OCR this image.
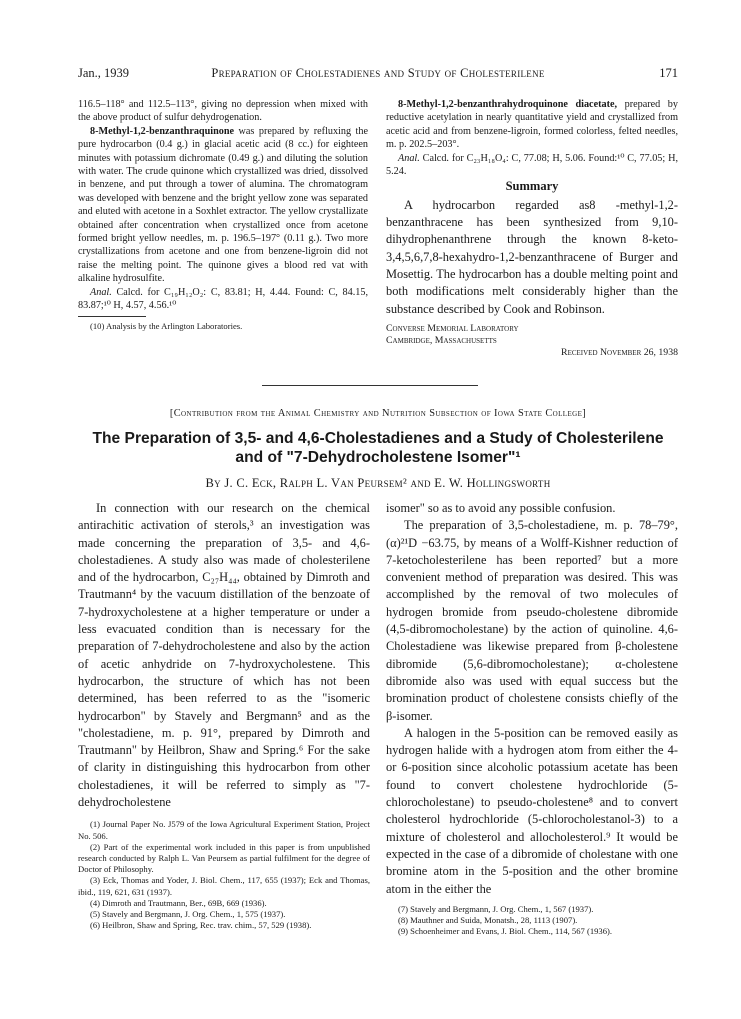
Jan., 1939	Preparation of Cholestadienes and Study of Cholesterilene	171

116.5–118° and 112.5–113°, giving no depression when mixed with the above product of sulfur dehydrogenation.

8-Methyl-1,2-benzanthraquinone was prepared by refluxing the pure hydrocarbon (0.4 g.) in glacial acetic acid (8 cc.) for eighteen minutes with potassium dichromate (0.49 g.) and diluting the solution with water. The crude quinone which crystallized was dried, dissolved in benzene, and put through a tower of alumina. The chromatogram was developed with benzene and the bright yellow zone was separated and eluted with acetone in a Soxhlet extractor. The yellow crystallizate obtained after concentration when crystallized once from acetone formed bright yellow needles, m. p. 196.5–197° (0.11 g.). Two more crystallizations from acetone and one from benzene-ligroin did not raise the melting point. The quinone gives a blood red vat with alkaline hydrosulfite.

Anal. Calcd. for C₁₉H₁₂O₂: C, 83.81; H, 4.44. Found: C, 84.15, 83.87;¹⁰ H, 4.57, 4.56.¹⁰

(10) Analysis by the Arlington Laboratories.

8-Methyl-1,2-benzanthrahydroquinone diacetate, prepared by reductive acetylation in nearly quantitative yield and crystallized from acetic acid and from benzene-ligroin, formed colorless, felted needles, m. p. 202.5–203°.

Anal. Calcd. for C₂₃H₁₈O₄: C, 77.08; H, 5.06. Found:¹⁰ C, 77.05; H, 5.24.

Summary

A hydrocarbon regarded as8 -methyl-1,2-benzanthracene has been synthesized from 9,10-dihydrophenanthrene through the known 8-keto-3,4,5,6,7,8-hexahydro-1,2-benzanthracene of Burger and Mosettig. The hydrocarbon has a double melting point and both modifications melt considerably higher than the substance described by Cook and Robinson.

Converse Memorial Laboratory
Cambridge, Massachusetts
Received November 26, 1938
[Contribution from the Animal Chemistry and Nutrition Subsection of Iowa State College]
The Preparation of 3,5- and 4,6-Cholestadienes and a Study of Cholesterilene and of "7-Dehydrocholestene Isomer"¹
By J. C. Eck, Ralph L. Van Peursem² and E. W. Hollingsworth

In connection with our research on the chemical antirachitic activation of sterols,³ an investigation was made concerning the preparation of 3,5- and 4,6-cholestadienes. A study also was made of cholesterilene and of the hydrocarbon, C₂₇H₄₄, obtained by Dimroth and Trautmann⁴ by the vacuum distillation of the benzoate of 7-hydroxycholestene at a higher temperature or under a less evacuated condition than is necessary for the preparation of 7-dehydrocholestene and also by the action of acetic anhydride on 7-hydroxycholestene. This hydrocarbon, the structure of which has not been determined, has been referred to as the "isomeric hydrocarbon" by Stavely and Bergmann⁵ and as the "cholestadiene, m. p. 91°, prepared by Dimroth and Trautmann" by Heilbron, Shaw and Spring.⁶ For the sake of clarity in distinguishing this hydrocarbon from other cholestadienes, it will be referred to simply as "7-dehydrocholestene

(1) Journal Paper No. J579 of the Iowa Agricultural Experiment Station, Project No. 506.

(2) Part of the experimental work included in this paper is from unpublished research conducted by Ralph L. Van Peursem as partial fulfilment for the degree of Doctor of Philosophy.

(3) Eck, Thomas and Yoder, J. Biol. Chem., 117, 655 (1937); Eck and Thomas, ibid., 119, 621, 631 (1937).

(4) Dimroth and Trautmann, Ber., 69B, 669 (1936).

(5) Stavely and Bergmann, J. Org. Chem., 1, 575 (1937).

(6) Heilbron, Shaw and Spring, Rec. trav. chim., 57, 529 (1938).

isomer" so as to avoid any possible confusion.

The preparation of 3,5-cholestadiene, m. p. 78–79°, (α)²¹D −63.75, by means of a Wolff-Kishner reduction of 7-ketocholesterilene has been reported⁷ but a more convenient method of preparation was desired. This was accomplished by the removal of two molecules of hydrogen bromide from pseudo-cholestene dibromide (4,5-dibromocholestane) by the action of quinoline. 4,6-Cholestadiene was likewise prepared from β-cholestene dibromide (5,6-dibromocholestane); α-cholestene dibromide also was used with equal success but the bromination product of cholestene consists chiefly of the β-isomer.

A halogen in the 5-position can be removed easily as hydrogen halide with a hydrogen atom from either the 4- or 6-position since alcoholic potassium acetate has been found to convert cholestene hydrochloride (5-chlorocholestane) to pseudo-cholestene⁸ and to convert cholesterol hydrochloride (5-chlorocholestanol-3) to a mixture of cholesterol and allocholesterol.⁹ It would be expected in the case of a dibromide of cholestane with one bromine atom in the 5-position and the other bromine atom in the either the

(7) Stavely and Bergmann, J. Org. Chem., 1, 567 (1937).

(8) Mauthner and Suida, Monatsh., 28, 1113 (1907).

(9) Schoenheimer and Evans, J. Biol. Chem., 114, 567 (1936).
